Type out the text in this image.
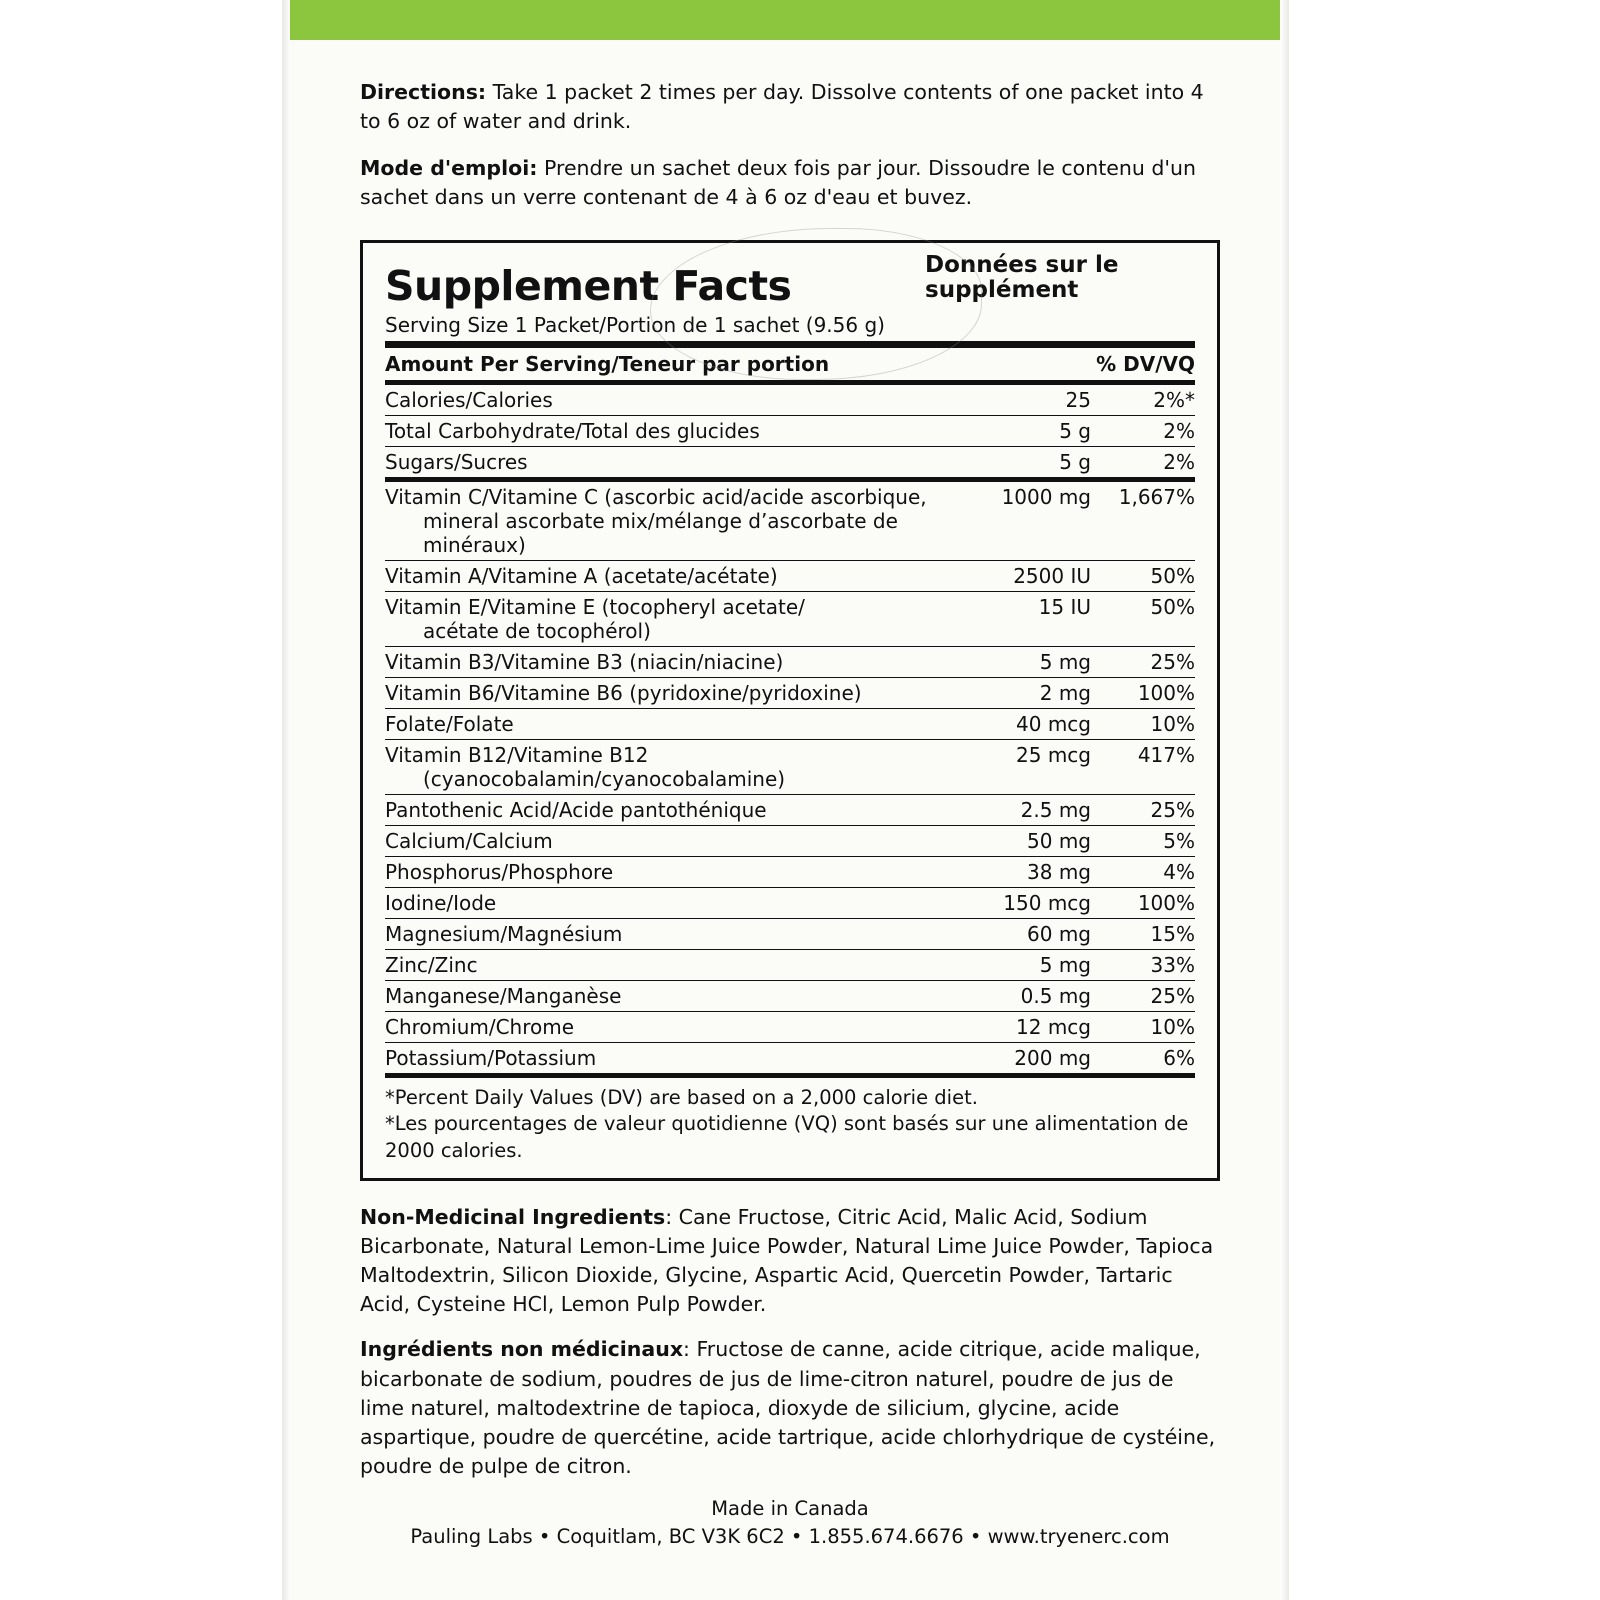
Directions: Take 1 packet 2 times per day. Dissolve contents of one packet into 4 to 6 oz of water and drink.

Mode d'emploi: Prendre un sachet deux fois par jour. Dissoudre le contenu d'un sachet dans un verre contenant de 4 à 6 oz d'eau et buvez.

Supplement Facts	Données sur le supplément
Serving Size 1 Packet/Portion de 1 sachet (9.56 g)
Amount Per Serving/Teneur par portion		% DV/VQ
Calories/Calories	25	2%*
Total Carbohydrate/Total des glucides	5 g	2%
Sugars/Sucres	5 g	2%
Vitamin C/Vitamine C (ascorbic acid/acide ascorbique,
mineral ascorbate mix/mélange d’ascorbate de minéraux)	1000 mg	1,667%
Vitamin A/Vitamine A (acetate/acétate)	2500 IU	50%
Vitamin E/Vitamine E (tocopheryl acetate/
acétate de tocophérol)	15 IU	50%
Vitamin B3/Vitamine B3 (niacin/niacine)	5 mg	25%
Vitamin B6/Vitamine B6 (pyridoxine/pyridoxine)	2 mg	100%
Folate/Folate	40 mcg	10%
Vitamin B12/Vitamine B12
(cyanocobalamin/cyanocobalamine)	25 mcg	417%
Pantothenic Acid/Acide pantothénique	2.5 mg	25%
Calcium/Calcium	50 mg	5%
Phosphorus/Phosphore	38 mg	4%
Iodine/Iode	150 mcg	100%
Magnesium/Magnésium	60 mg	15%
Zinc/Zinc	5 mg	33%
Manganese/Manganèse	0.5 mg	25%
Chromium/Chrome	12 mcg	10%
Potassium/Potassium	200 mg	6%
*Percent Daily Values (DV) are based on a 2,000 calorie diet.
*Les pourcentages de valeur quotidienne (VQ) sont basés sur une alimentation de 2000 calories.
Non-Medicinal Ingredients: Cane Fructose, Citric Acid, Malic Acid, Sodium Bicarbonate, Natural Lemon-Lime Juice Powder, Natural Lime Juice Powder, Tapioca Maltodextrin, Silicon Dioxide, Glycine, Aspartic Acid, Quercetin Powder, Tartaric Acid, Cysteine HCl, Lemon Pulp Powder.
Ingrédients non médicinaux: Fructose de canne, acide citrique, acide malique, bicarbonate de sodium, poudres de jus de lime-citron naturel, poudre de jus de lime naturel, maltodextrine de tapioca, dioxyde de silicium, glycine, acide aspartique, poudre de quercétine, acide tartrique, acide chlorhydrique de cystéine, poudre de pulpe de citron.
Made in Canada
Pauling Labs • Coquitlam, BC V3K 6C2 • 1.855.674.6676 • www.tryenerc.com
